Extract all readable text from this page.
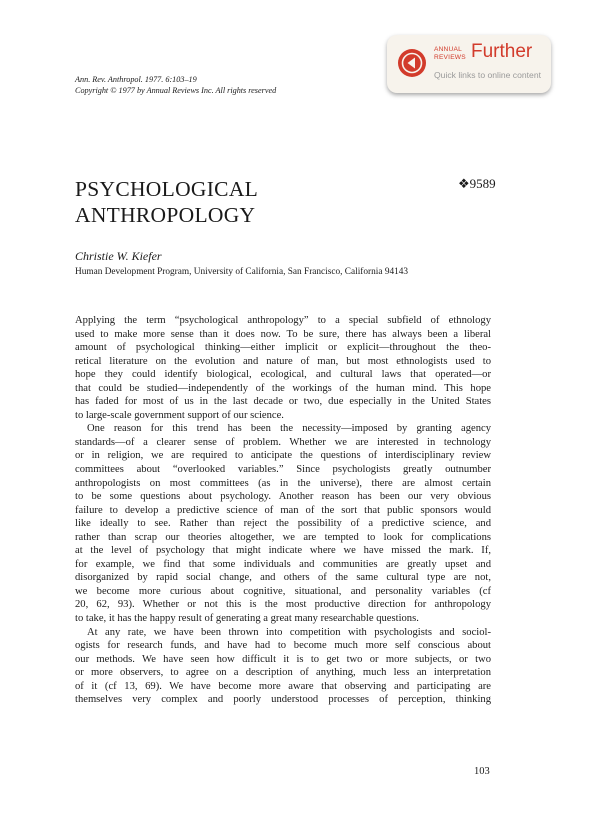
Ann. Rev. Anthropol. 1977. 6:103–19
Copyright © 1977 by Annual Reviews Inc. All rights reserved
ANNUAL
REVIEWS Further
Quick links to online content
PSYCHOLOGICAL
ANTHROPOLOGY
❖9589
Christie W. Kiefer
Human Development Program, University of California, San Francisco, California 94143
Applying the term “psychological anthropology” to a special subfield of ethnology
used to make more sense than it does now. To be sure, there has always been a liberal
amount of psychological thinking—either implicit or explicit—throughout the theo-
retical literature on the evolution and nature of man, but most ethnologists used to
hope they could identify biological, ecological, and cultural laws that operated—or
that could be studied—independently of the workings of the human mind. This hope
has faded for most of us in the last decade or two, due especially in the United States
to large-scale government support of our science.
One reason for this trend has been the necessity—imposed by granting agency
standards—of a clearer sense of problem. Whether we are interested in technology
or in religion, we are required to anticipate the questions of interdisciplinary review
committees about “overlooked variables.” Since psychologists greatly outnumber
anthropologists on most committees (as in the universe), there are almost certain
to be some questions about psychology. Another reason has been our very obvious
failure to develop a predictive science of man of the sort that public sponsors would
like ideally to see. Rather than reject the possibility of a predictive science, and
rather than scrap our theories altogether, we are tempted to look for complications
at the level of psychology that might indicate where we have missed the mark. If,
for example, we find that some individuals and communities are greatly upset and
disorganized by rapid social change, and others of the same cultural type are not,
we become more curious about cognitive, situational, and personality variables (cf
20, 62, 93). Whether or not this is the most productive direction for anthropology
to take, it has the happy result of generating a great many researchable questions.
At any rate, we have been thrown into competition with psychologists and sociol-
ogists for research funds, and have had to become much more self conscious about
our methods. We have seen how difficult it is to get two or more subjects, or two
or more observers, to agree on a description of anything, much less an interpretation
of it (cf 13, 69). We have become more aware that observing and participating are
themselves very complex and poorly understood processes of perception, thinking
103
